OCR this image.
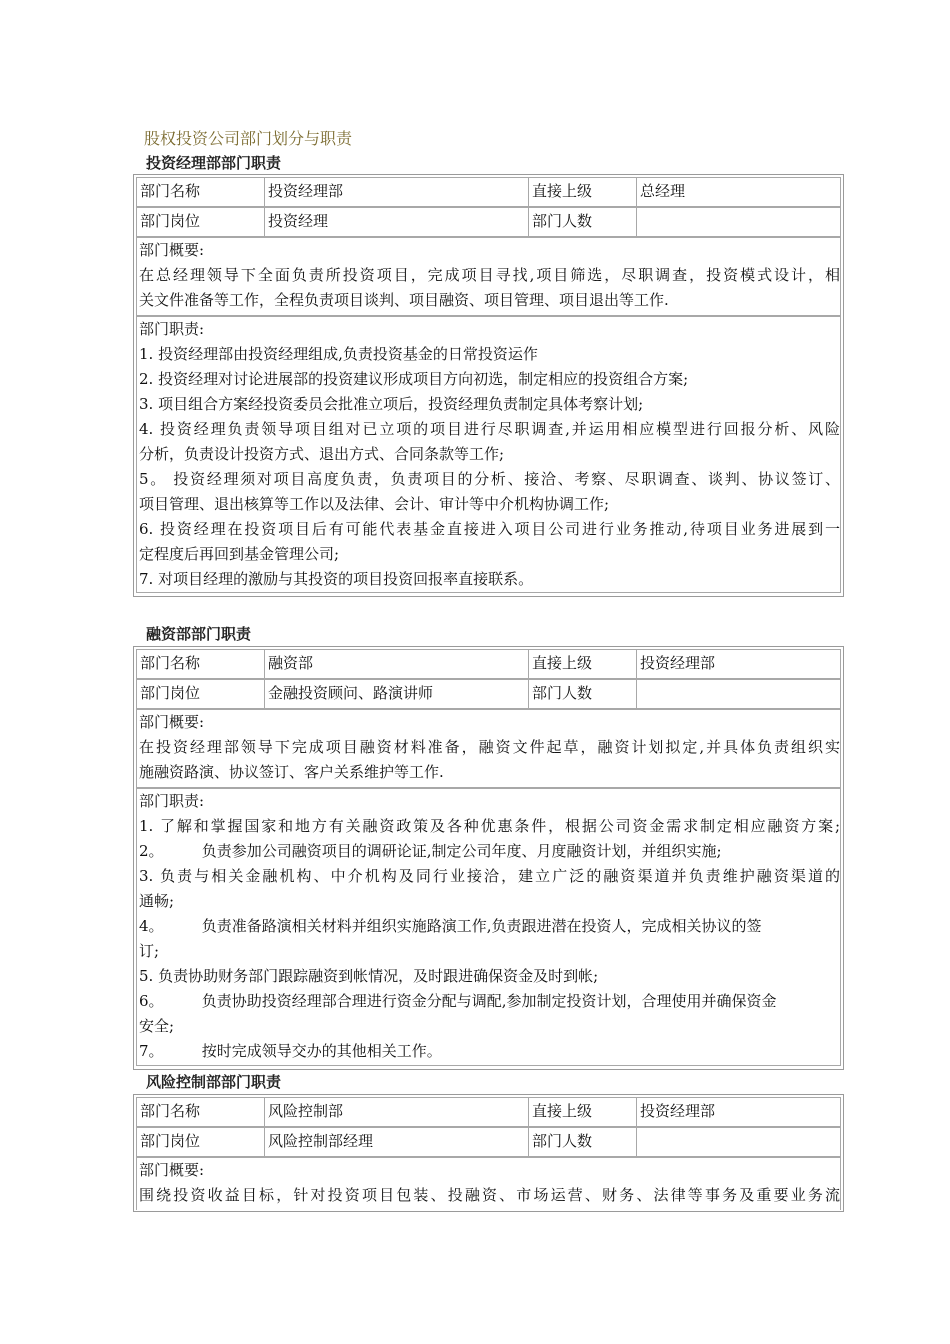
股权投资公司部门划分与职责
投资经理部部门职责
部门名称	投资经理部	直接上级	总经理
部门岗位	投资经理	部门人数
部门概要:
在总经理领导下全面负责所投资项目，完成项目寻找,项目筛选，尽职调查，投资模式设计，相
关文件准备等工作，全程负责项目谈判、项目融资、项目管理、项目退出等工作.
部门职责:
1. 投资经理部由投资经理组成,负责投资基金的日常投资运作
2. 投资经理对讨论进展部的投资建议形成项目方向初选，制定相应的投资组合方案;
3. 项目组合方案经投资委员会批准立项后，投资经理负责制定具体考察计划;
4. 投资经理负责领导项目组对已立项的项目进行尽职调查,并运用相应模型进行回报分析、风险
分析，负责设计投资方式、退出方式、合同条款等工作;
5。 投资经理须对项目高度负责，负责项目的分析、接洽、考察、尽职调查、谈判、协议签订、
项目管理、退出核算等工作以及法律、会计、审计等中介机构协调工作;
6. 投资经理在投资项目后有可能代表基金直接进入项目公司进行业务推动,待项目业务进展到一
定程度后再回到基金管理公司;
7. 对项目经理的激励与其投资的项目投资回报率直接联系。
融资部部门职责
部门名称	融资部	直接上级	投资经理部
部门岗位	金融投资顾问、路演讲师	部门人数
部门概要:
在投资经理部领导下完成项目融资材料准备，融资文件起草，融资计划拟定,并具体负责组织实
施融资路演、协议签订、客户关系维护等工作.
部门职责:
1. 了解和掌握国家和地方有关融资政策及各种优惠条件，根据公司资金需求制定相应融资方案;
2。        负责参加公司融资项目的调研论证,制定公司年度、月度融资计划，并组织实施;
3. 负责与相关金融机构、中介机构及同行业接洽，建立广泛的融资渠道并负责维护融资渠道的
通畅;
4。        负责准备路演相关材料并组织实施路演工作,负责跟进潜在投资人，完成相关协议的签
订;
5. 负责协助财务部门跟踪融资到帐情况，及时跟进确保资金及时到帐;
6。        负责协助投资经理部合理进行资金分配与调配,参加制定投资计划，合理使用并确保资金
安全;
7。        按时完成领导交办的其他相关工作。
风险控制部部门职责
部门名称	风险控制部	直接上级	投资经理部
部门岗位	风险控制部经理	部门人数
部门概要:
围绕投资收益目标，针对投资项目包装、投融资、市场运营、财务、法律等事务及重要业务流
